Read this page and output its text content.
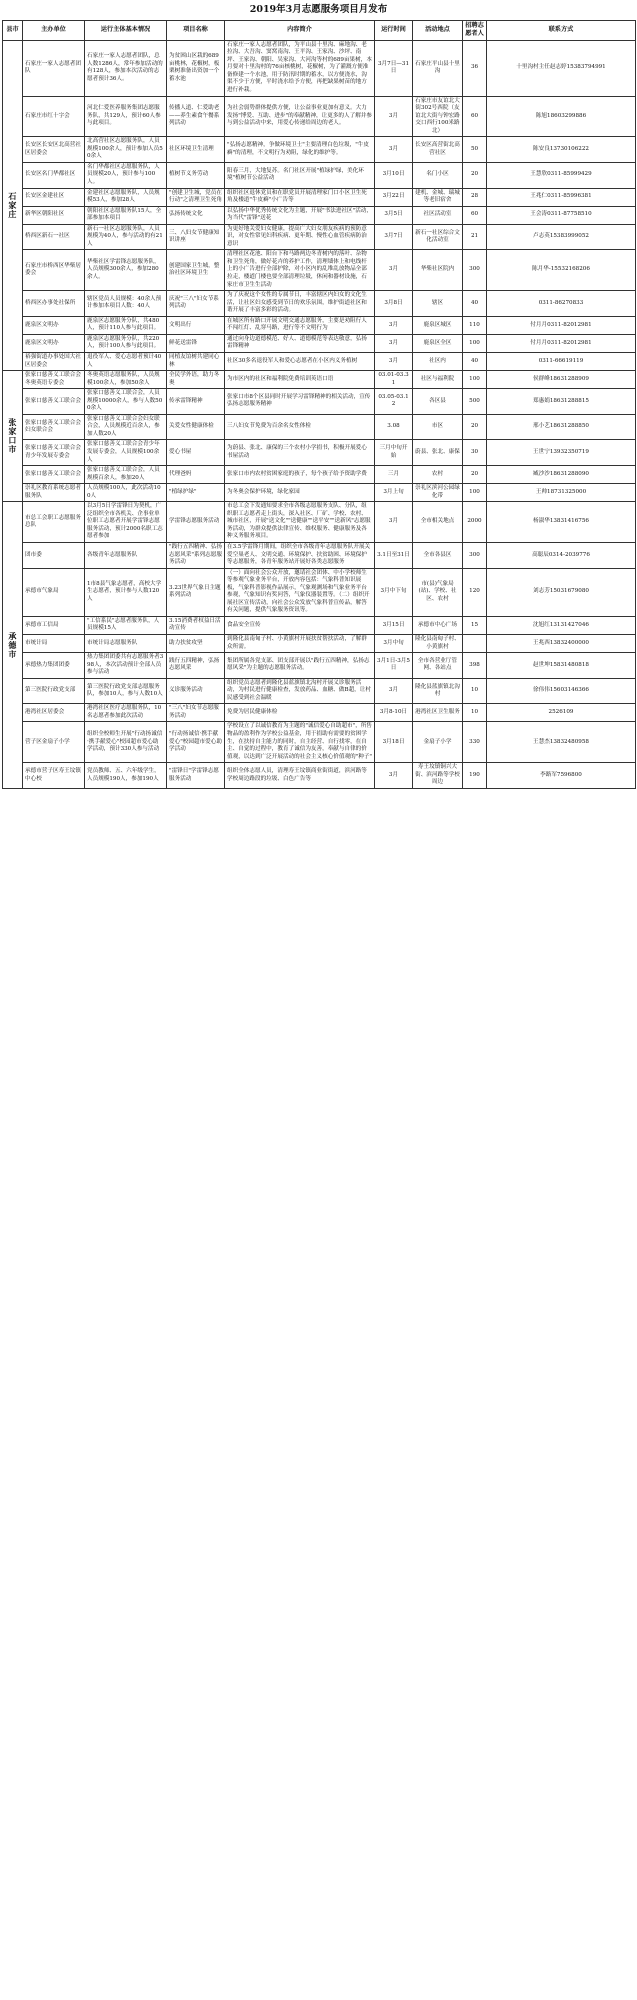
2019年3月志愿服务项目月发布
县市	主办单位	运行主体基本情况	项目名称	内容简介	运行时间	活动地点	招聘志愿者人	联系方式

石家庄	石家庄一家人志愿者团队	石家庄一家人志愿者团队，总人数1286人，常年参加活动的有128人，参加本次活动的志愿者预计36人。	为贫困山区栽的689亩桃林，花椒树，板栗树准备出资加一个蓄水池	石家庄一家人志愿者团队，为平山县十里沟、麻地沟、老拉沟、大吾沟、窦窝南沟、王平沟、王家沟、沙坪、南坪、王家沟、朝阳、吴家沟、大河沟等村的689亩果树，本月要对十里沟村的76亩核桃树，花椒树，为了灌溉方便准备修建一个水池，用于防汛时期的蓄水，以方便浇水，沟渠不少于方便，平时浇水给予方便，再把缺果树苗的地方进行补栽。	3月7日—31日	石家庄平山县十里沟	36	十里沟村主任赵志婷15383794991
	石家庄市红十字会	河北仁爱医养服务集团志愿服务队，共129人，预计60人参与此项目。	传播人道、仁爱助老——养生素食午餐系列活动	为社会弱势群体提供方便，让公益事业更加有意义。大力发扬"博爱、互助、进步"的奉献精神，让更多的人了解并参与到公益活动中来，用爱心传递给周边的老人。	3月	石家庄市友谊北大街302号西院（友谊北大街与钟宏路交口西行100米路北）	60	陈旭18603299886
	长安区长安区北高营社区居委会	北高营社区志愿服务队，人员规模100余人，预计参加人员50余人	社区环境卫生清理	"弘扬志愿精神，争做环境卫士"主要清理白色垃圾，"牛皮癣"的清理，不文明行为劝阻，绿化的维护等。	3月	长安区高营街北高营社区	50	陈安良13730106222
	长安区名门华都社区	名门华都社区志愿服务队，人员规模20人，预计参与100人。	植树节义务劳动	阳春三月，大地复苏。名门社区开展"植绿护绿，美化环境"植树节公益活动	3月10日	名门小区	20	王慧欣0311-85999429
	长安区金建社区	金建社区志愿服务队，人员规模53人，参加28人	"创建卫生城，党员在行动"之清理卫生死角	组织社区退休党员和在职党员开展清理家门口小区卫生死角及楼道"牛皮癣"小广告等	3月22日	建机、金城、瑞城等老旧宿舍	28	王兆仁0311-85996381
	新华区朝阳社区	朝阳社区志愿服务队15人，全部参加本项目	弘扬传统文化	以弘扬中华优秀传统文化为主题，开展"书法进社区"活动，为当代"雷锋"送花	3月5日	社区活动室	60	王会涛0311-87758510
	桥西区新石一社区	新石一社区志愿服务队，人员规模为40人，参与活动的有21人	三、八妇女节健康知识讲座	为更好地关爱妇女健康，提高广大妇女朋友疾病的预防意识，对女性常见妇科疾病、更年期、慢性心血管疾病防治意识	3月7日	新石一社区综合文化活动室	21	卢志英15383999052
	石家庄市桥西区华柴居委会	华柴社区学雷锋志愿服务队，人员规模300余人，参加280余人。	创建国家卫生城，整治社区环境卫生	清理社区花池、阳台下和马路两边冬青树内的落叶、杂物和卫生死角，做好花卉的养护工作，清理墙体上和电线杆上的小广告进行全部护除，对小区内的乱堆乱放物品全部拉走，楼道门楼也要全部清理垃圾，休闲和器材设施，石家庄市卫生生活动	3月	华柴社区院内	300	陈月华-15532168206
	桥西区办事处社保所	辖区党员人员规模：40余人预计参加本项目人数：40人	庆祝"三八"妇女节系列活动	为了庆祝这个女性的专属节日，丰富辖区内妇女的文化生活，让社区妇女感受到节日的欢乐氛围，维护街道社区和谐开展了丰富多彩的活动。	3月8日	辖区	40	0311-86270833
	鹿泉区文明办	鹿泉区志愿服务分队，共480人，预计110人参与此项目。	文明出行	在城区所有路口开展文明交通志愿服务，主要是劝阻行人不闯红灯、乱穿马路，进行等不文明行为	3月	鹿泉区城区	110	付月月0311-82012981
	鹿泉区文明办	鹿泉区志愿服务分队，共220人，预计100人参与此项目。	鲜花送雷锋	通过向身边道德模范、好人、道德模范等表达敬意，弘扬雷锋精神	3月	鹿泉区全区	100	付月月0311-82012981
	裕强街道办事处国大社区居委会	退役军人、爱心志愿者预计40人	同植友谊树共建同心林	社区30多名退役军人和爱心志愿者在小区内义务植树	3月	社区内	40	0311-66619119

张家口市	张家口慈善义工联合会冬奥英语专委会	冬奥英语志愿服务队，人员规模100余人，参加50余人	全民学外语，助力冬奥	为市区内的社区和福利院免费培训英语口语	03.01-03.31	社区与福利院	100	侯群峰18631288909
	张家口慈善义工联合会	张家口慈善义工联合会，人员规模10000余人，参与人数500余人	传承雷锋精神	张家口市8个区县同时开展学习雷锋精神的相关活动，宣传弘扬志愿服务精神	03.05-03.12	各区县	500	郑惠娟18631288815
	张家口慈善义工联合会妇女联合会	张家口慈善义工联合会妇女联合会，人员规模近百余人，参加人数20人	关爱女性健康体检	三八妇女节免费为百余名女性体检	3.08	市区	20	邢小艺18631288850
	张家口慈善义工联合会青少年发展专委会	张家口慈善义工联合会青少年发展专委会，人员规模100余人	爱心书屋	为蔚县、张北、康保的三个农村小学捐书，积极开展爱心书屋活动	三月中旬开始	蔚县、张北、康保	30	王世宁13932350719
	张家口慈善义工联合会	张家口慈善义工联合会，人员规模百余人，参加20人	代理爸妈	张家口市内农村贫困家庭的孩子，每个孩子给予资助学费	三月	农村	20	臧沙沙18631288090
	崇礼区教育系统志愿者服务队	人员规模100人，此次活动100人	"植绿护绿"	为冬奥会保护环境，绿化家园	3月上旬	崇礼区滨河公园绿化带	100	王帅18731325000

承德市	市总工会职工志愿服务总队	以3月5日学雷锋日为契机，广泛组织全市各机关、企事业单位职工志愿者开展学雷锋志愿服务活动，预计2000名职工志愿者参加	学雷锋志愿服务活动	市总工会下发通知要求全市各级志愿服务支队、分队，组织职工志愿者走上街头，深入社区、厂矿、学校、农村、城市社区，开展"送文化""送健康""送平安""送新风"志愿服务活动，为群众提供法律宣传、维权服务、健康服务及各种义务服务项目。	3月	全市相关地点	2000	杨淑华13831416756
	团市委	各级青年志愿服务队	"践行五四精神、弘扬志愿风采"系列志愿服务活动	在3.5学雷锋月期间，组织全市各级青年志愿服务队开展关爱空巢老人、文明交通、环境保护、扶贫助困、环境保护等志愿服务，各青年服务站开展好各类志愿服务	3.1日至31日	全市各县区	300	高聪辰0314-2039776
	承德市气象局	1市8县气象志愿者，高校大学生志愿者，预计参与人数120人	3.23世界气象日主题系列活动	（一）面向社会公众开放，邀请社会团体、中小学校师生等参观气象业务平台，开放内容包括：气象科普知识展板，气象科普影视作品展示，气象观测场和气象业务平台参观，气象知识有奖问答，气象仪器装置等。（二）组织开展社区宣传活动，向社会公众发放气象科普宣传品，解答有关问题，提供气象服务资讯等。	3月中下旬	市(县)气象局(站)、学校、社区、农村	120	刘志芳15031679080
	承德市工信局	"工信系民"志愿者服务队，人员规模15人	3.15消费者权益日活动宣传	食品安全宣传	3月15日	承德市中心广场	15	沈旭红13131427046
	市统计局	市统计局志愿服务队	助力扶贫攻坚	到隆化县南甸子村、小黄旗村开展扶贫帮扶活动，了解群众所需。	3月中旬	隆化县南甸子村、小黄旗村		王兆西13832400000
	承德热力集团团委	热力集团团委共有志愿服务者398人，本次活动预计全部人员参与活动	践行五四精神，弘扬志愿风采	集团所属各党支部、团支部开展以"践行五四精神，弘扬志愿风采"为主题的志愿服务活动。	3月1日-3月5日	全市各营业厅管网、各站点	398	赵世坤15831480818
	第三医院行政党支部	第三医院行政党支部志愿服务队，参加10人，参与人数10人	义诊服务活动	组织党员志愿者到隆化县蓝旗镇北沟村开展义诊服务活动，为村民进行健康检查，发放药品、血糖、做B超，让村民感受到社会温暖	3月	隆化县蓝旗镇北沟村	10	徐伟伟15603146366
	港湾社区居委会	港湾社区医疗志愿服务队，10名志愿者参加此次活动	"三八"妇女节志愿服务活动	免费为居民健康体检	3月8-10日	港湾社区卫生服务	10	2526109
	营子区金扇子小学	组织全校师生开展"行动扬诚信·携手献爱心"校园超市爱心助学活动，预计330人参与活动	"行动扬诚信·携手献爱心"校园超市爱心助学活动	学校设立了以诚信教育为主题的"诚信爱心自助超市"，所售物品的盈利作为学校公益基金，用于捐助有需要的贫困学生，在扶持自主能力的同时，自主经营、自行找零，在自主、自觉的过程中，教育了诚信为友善，奉献与自律的价值观，以达到广泛开展活动的社会主义核心价值观的"种子"	3月18日	金扇子小学	330	王慧杰13832480958
	承德市营子区寿王坟镇中心校	党员教师、五、六年级学生，人员规模190人，参加190人	"雷锋日"学雷锋志愿服务活动	组织全体志愿人员，清理寿王坟镇商业街街道，滨河路等学校周边路段的垃圾、白色广告等	3月	寿王坟镇铜兴大街、滨河路等学校周边	190	李路军7596800
